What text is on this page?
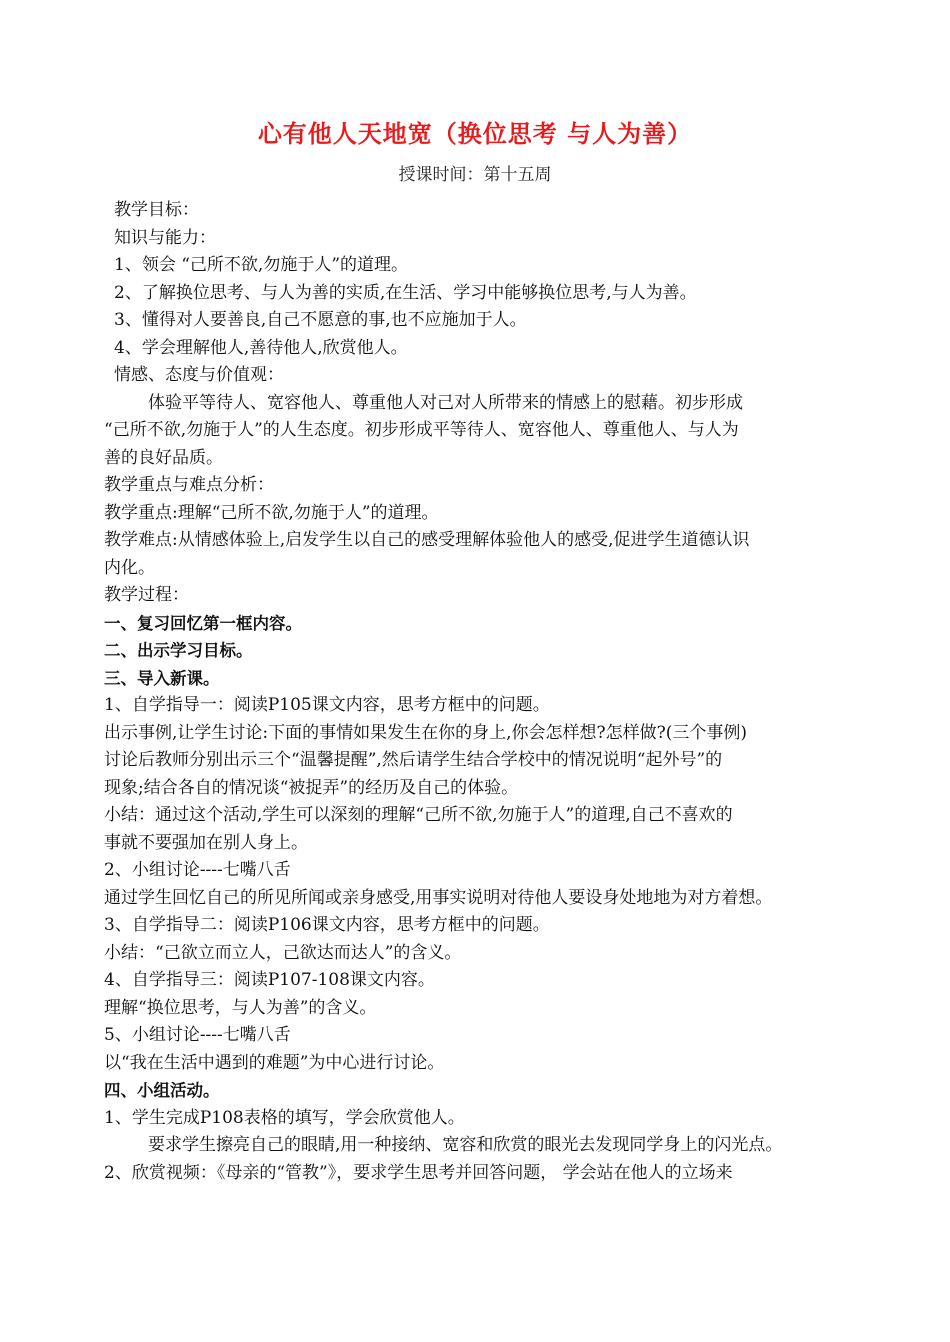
心有他人天地宽（换位思考 与人为善）
授课时间：第十五周
教学目标：
知识与能力：
1、领会 “己所不欲,勿施于人”的道理。
2、了解换位思考、与人为善的实质,在生活、学习中能够换位思考,与人为善。
3、懂得对人要善良,自己不愿意的事,也不应施加于人。
4、学会理解他人,善待他人,欣赏他人。
情感、态度与价值观：
体验平等待人、宽容他人、尊重他人对己对人所带来的情感上的慰藉。初步形成
“己所不欲,勿施于人”的人生态度。初步形成平等待人、宽容他人、尊重他人、与人为
善的良好品质。
教学重点与难点分析：
教学重点:理解“己所不欲,勿施于人”的道理。
教学难点:从情感体验上,启发学生以自己的感受理解体验他人的感受,促进学生道德认识
内化。
教学过程：
一、复习回忆第一框内容。
二、出示学习目标。
三、导入新课。
1、自学指导一：阅读P105课文内容，思考方框中的问题。
出示事例,让学生讨论:下面的事情如果发生在你的身上,你会怎样想?怎样做?(三个事例)
讨论后教师分别出示三个“温馨提醒”,然后请学生结合学校中的情况说明“起外号”的
现象;结合各自的情况谈“被捉弄”的经历及自己的体验。
小结：通过这个活动,学生可以深刻的理解“己所不欲,勿施于人”的道理,自己不喜欢的
事就不要强加在别人身上。
2、小组讨论----七嘴八舌
通过学生回忆自己的所见所闻或亲身感受,用事实说明对待他人要设身处地地为对方着想。
3、自学指导二：阅读P106课文内容，思考方框中的问题。
小结：“己欲立而立人，己欲达而达人”的含义。
4、自学指导三：阅读P107-108课文内容。
理解“换位思考，与人为善”的含义。
5、小组讨论----七嘴八舌
以“我在生活中遇到的难题”为中心进行讨论。
四、小组活动。
1、学生完成P108表格的填写，学会欣赏他人。
要求学生擦亮自己的眼睛,用一种接纳、宽容和欣赏的眼光去发现同学身上的闪光点。
2、欣赏视频：《母亲的“管教”》，要求学生思考并回答问题， 学会站在他人的立场来
